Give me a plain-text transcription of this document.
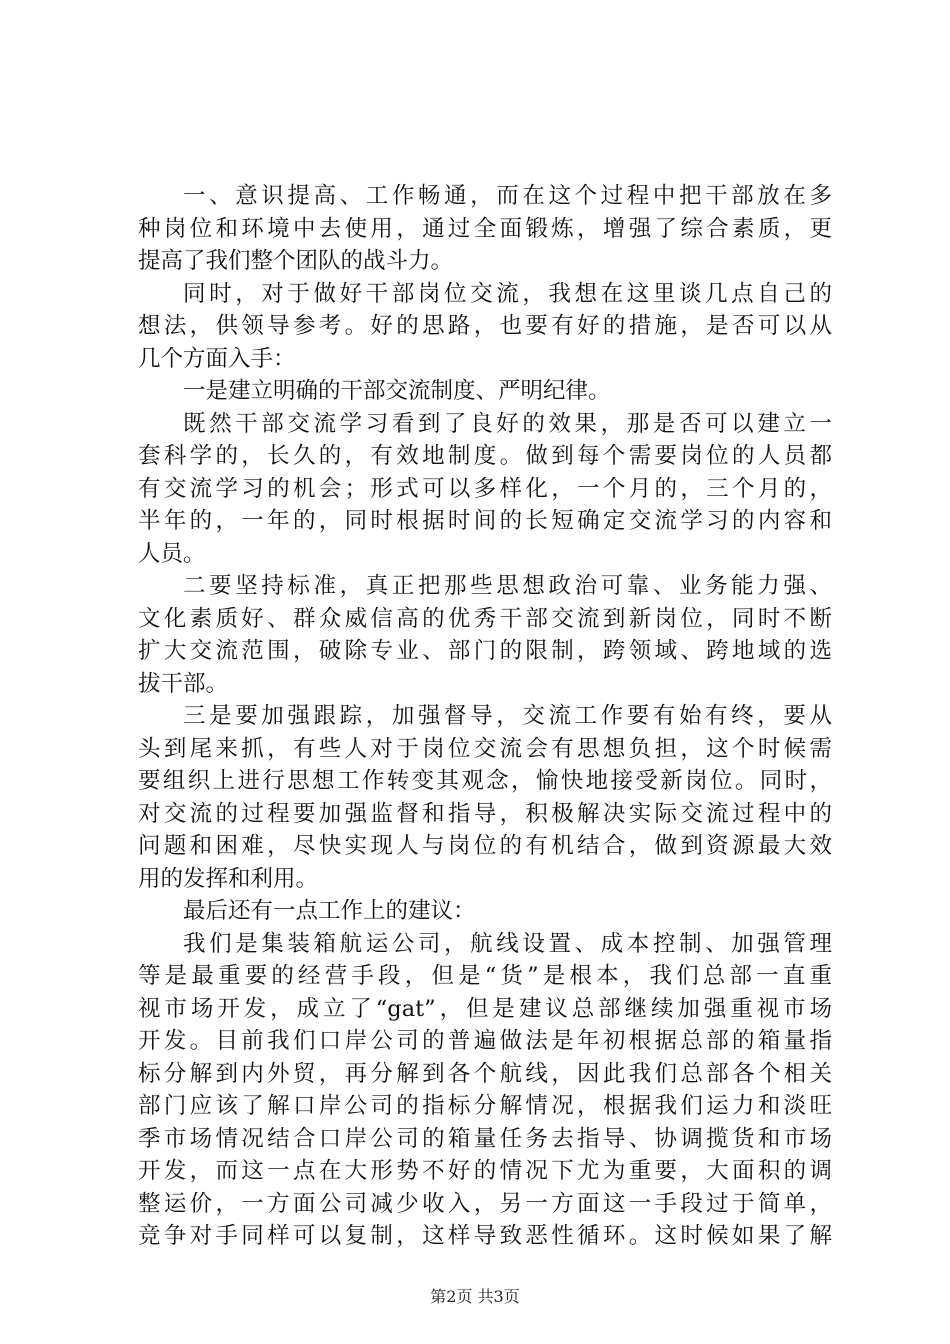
一、意识提高、工作畅通，而在这个过程中把干部放在多
种岗位和环境中去使用，通过全面锻炼，增强了综合素质，更
提高了我们整个团队的战斗力。
同时，对于做好干部岗位交流，我想在这里谈几点自己的
想法，供领导参考。好的思路，也要有好的措施，是否可以从
几个方面入手：
一是建立明确的干部交流制度、严明纪律。
既然干部交流学习看到了良好的效果，那是否可以建立一
套科学的，长久的，有效地制度。做到每个需要岗位的人员都
有交流学习的机会；形式可以多样化，一个月的，三个月的，
半年的，一年的，同时根据时间的长短确定交流学习的内容和
人员。
二要坚持标准，真正把那些思想政治可靠、业务能力强、
文化素质好、群众威信高的优秀干部交流到新岗位，同时不断
扩大交流范围，破除专业、部门的限制，跨领域、跨地域的选
拔干部。
三是要加强跟踪，加强督导，交流工作要有始有终，要从
头到尾来抓，有些人对于岗位交流会有思想负担，这个时候需
要组织上进行思想工作转变其观念，愉快地接受新岗位。同时，
对交流的过程要加强监督和指导，积极解决实际交流过程中的
问题和困难，尽快实现人与岗位的有机结合，做到资源最大效
用的发挥和利用。
最后还有一点工作上的建议：
我们是集装箱航运公司，航线设置、成本控制、加强管理
等是最重要的经营手段，但是“货”是根本，我们总部一直重
视市场开发，成立了“gat”，但是建议总部继续加强重视市场
开发。目前我们口岸公司的普遍做法是年初根据总部的箱量指
标分解到内外贸，再分解到各个航线，因此我们总部各个相关
部门应该了解口岸公司的指标分解情况，根据我们运力和淡旺
季市场情况结合口岸公司的箱量任务去指导、协调揽货和市场
开发，而这一点在大形势不好的情况下尤为重要，大面积的调
整运价，一方面公司减少收入，另一方面这一手段过于简单，
竞争对手同样可以复制，这样导致恶性循环。这时候如果了解
第2页 共3页
